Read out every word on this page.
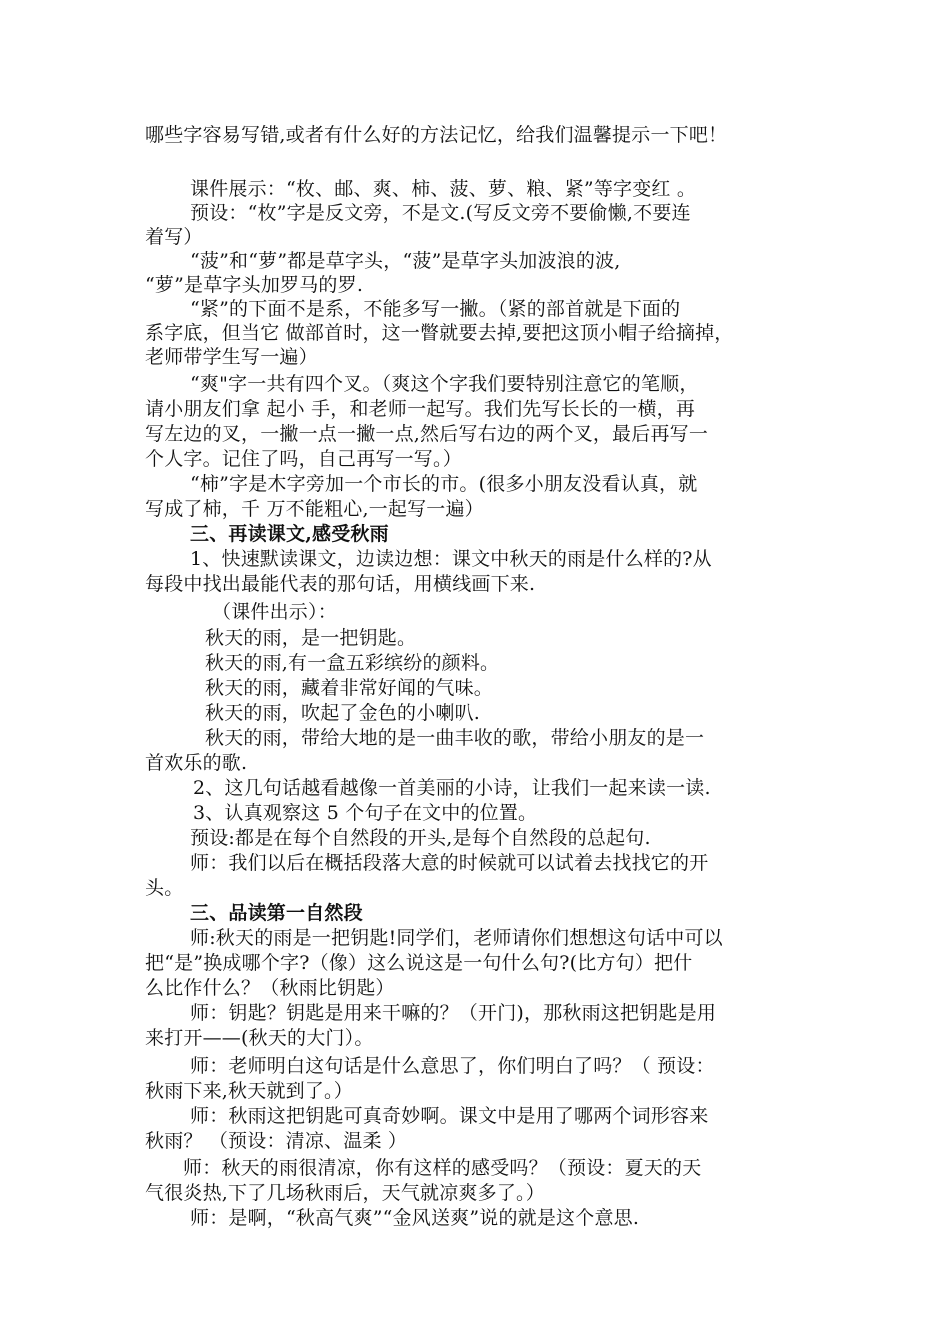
哪些字容易写错,或者有什么好的方法记忆，给我们温馨提示一下吧！
课件展示：“枚、邮、爽、柿、菠、萝、粮、紧”等字变红 。
预设：“枚”字是反文旁，不是文.(写反文旁不要偷懒,不要连
着写）
“菠”和“萝”都是草字头，“菠”是草字头加波浪的波,
“萝”是草字头加罗马的罗.
“紧”的下面不是系，不能多写一撇。（紧的部首就是下面的
系字底，但当它 做部首时，这一瞥就要去掉,要把这顶小帽子给摘掉，
老师带学生写一遍）
“爽"字一共有四个叉。（爽这个字我们要特别注意它的笔顺，
请小朋友们拿 起小 手，和老师一起写。我们先写长长的一横，再
写左边的叉，一撇一点一撇一点,然后写右边的两个叉，最后再写一
个人字。记住了吗，自己再写一写。）
“柿”字是木字旁加一个市长的市。(很多小朋友没看认真，就
写成了柿，千 万不能粗心,一起写一遍）
三、再读课文,感受秋雨
1、快速默读课文，边读边想：课文中秋天的雨是什么样的?从
每段中找出最能代表的那句话，用横线画下来.
（课件出示）：
秋天的雨，是一把钥匙。
秋天的雨,有一盒五彩缤纷的颜料。
秋天的雨，藏着非常好闻的气味。
秋天的雨，吹起了金色的小喇叭.
秋天的雨，带给大地的是一曲丰收的歌，带给小朋友的是一
首欢乐的歌.
2、这几句话越看越像一首美丽的小诗，让我们一起来读一读.
3、认真观察这 5 个句子在文中的位置。
预设:都是在每个自然段的开头,是每个自然段的总起句.
师：我们以后在概括段落大意的时候就可以试着去找找它的开
头。
三、品读第一自然段
师:秋天的雨是一把钥匙!同学们，老师请你们想想这句话中可以
把“是”换成哪个字?（像）这么说这是一句什么句?(比方句）把什
么比作什么？（秋雨比钥匙）
师：钥匙？钥匙是用来干嘛的？（开门)，那秋雨这把钥匙是用
来打开——(秋天的大门）。
师：老师明白这句话是什么意思了，你们明白了吗？（ 预设：
秋雨下来,秋天就到了。）
师：秋雨这把钥匙可真奇妙啊。课文中是用了哪两个词形容来
秋雨？ （预设：清凉、温柔 ）
师：秋天的雨很清凉，你有这样的感受吗？（预设：夏天的天
气很炎热,下了几场秋雨后，天气就凉爽多了。）
师：是啊，“秋高气爽”“金风送爽”说的就是这个意思.
